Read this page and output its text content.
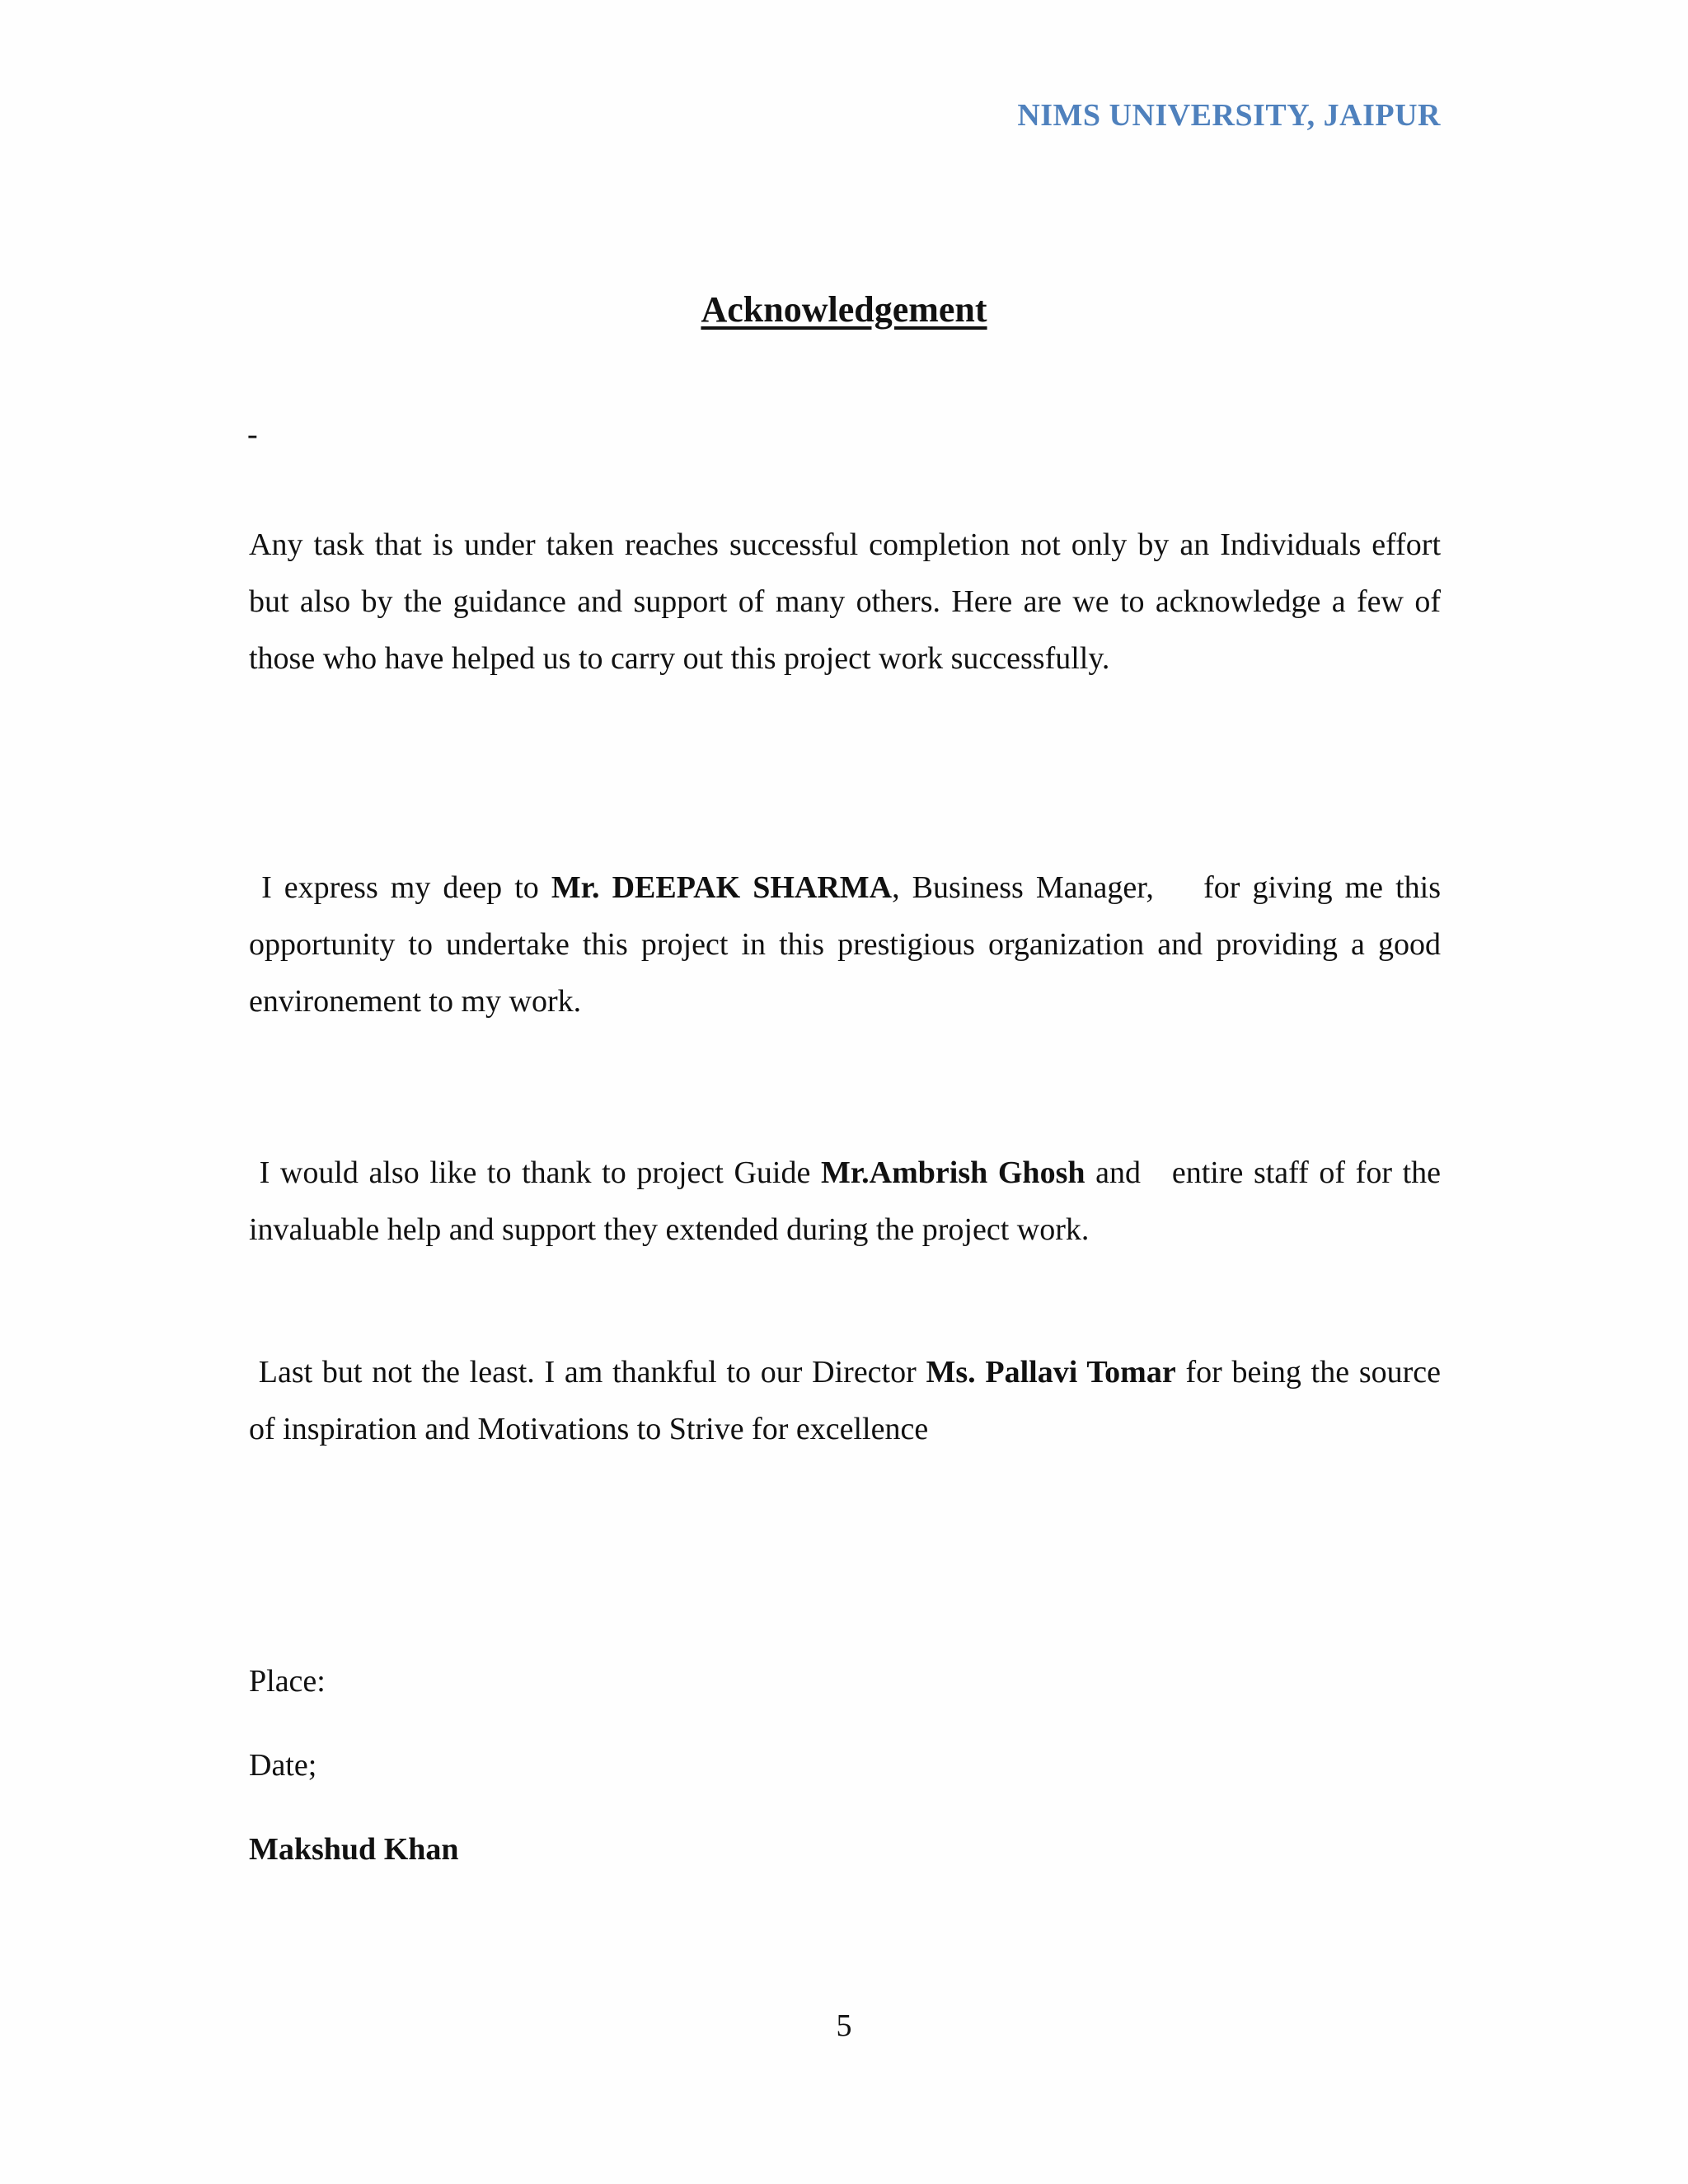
NIMS UNIVERSITY, JAIPUR
Acknowledgement
-

Any task that is under taken reaches successful completion not only by an Individuals effort but also by the guidance and support of many others. Here are we to acknowledge a few of those who have helped us to carry out this project work successfully.

I express my deep to Mr. DEEPAK SHARMA, Business Manager,    for giving me this opportunity to undertake this project in this prestigious organization and providing a good environement to my work.

I would also like to thank to project Guide Mr.Ambrish Ghosh and   entire staff of for the invaluable help and support they extended during the project work.

Last but not the least. I am thankful to our Director Ms. Pallavi Tomar for being the source of inspiration and Motivations to Strive for excellence

Place:
Date;
Makshud Khan
5
